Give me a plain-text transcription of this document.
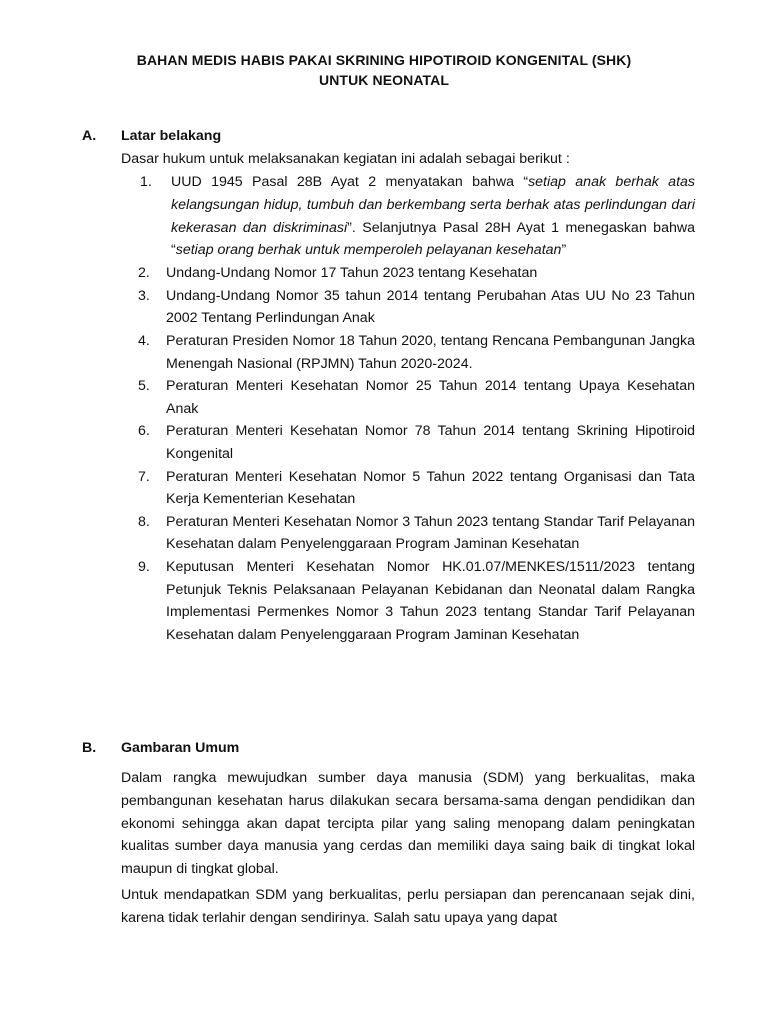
BAHAN MEDIS HABIS PAKAI SKRINING HIPOTIROID KONGENITAL (SHK)
UNTUK NEONATAL
A. Latar belakang
Dasar hukum untuk melaksanakan kegiatan ini adalah sebagai berikut :
1. UUD 1945 Pasal 28B Ayat 2 menyatakan bahwa “setiap anak berhak atas kelangsungan hidup, tumbuh dan berkembang serta berhak atas perlindungan dari kekerasan dan diskriminasi”. Selanjutnya Pasal 28H Ayat 1 menegaskan bahwa “setiap orang berhak untuk memperoleh pelayanan kesehatan”
2. Undang-Undang Nomor 17 Tahun 2023 tentang Kesehatan
3. Undang-Undang Nomor 35 tahun 2014 tentang Perubahan Atas UU No 23 Tahun 2002 Tentang Perlindungan Anak
4. Peraturan Presiden Nomor 18 Tahun 2020, tentang Rencana Pembangunan Jangka Menengah Nasional (RPJMN) Tahun 2020-2024.
5. Peraturan Menteri Kesehatan Nomor 25 Tahun 2014 tentang Upaya Kesehatan Anak
6. Peraturan Menteri Kesehatan Nomor 78 Tahun 2014 tentang Skrining Hipotiroid Kongenital
7. Peraturan Menteri Kesehatan Nomor 5 Tahun 2022 tentang Organisasi dan Tata Kerja Kementerian Kesehatan
8. Peraturan Menteri Kesehatan Nomor 3 Tahun 2023 tentang Standar Tarif Pelayanan Kesehatan dalam Penyelenggaraan Program Jaminan Kesehatan
9. Keputusan Menteri Kesehatan Nomor HK.01.07/MENKES/1511/2023 tentang Petunjuk Teknis Pelaksanaan Pelayanan Kebidanan dan Neonatal dalam Rangka Implementasi Permenkes Nomor 3 Tahun 2023 tentang Standar Tarif Pelayanan Kesehatan dalam Penyelenggaraan Program Jaminan Kesehatan
B. Gambaran Umum
Dalam rangka mewujudkan sumber daya manusia (SDM) yang berkualitas, maka pembangunan kesehatan harus dilakukan secara bersama-sama dengan pendidikan dan ekonomi sehingga akan dapat tercipta pilar yang saling menopang dalam peningkatan kualitas sumber daya manusia yang cerdas dan memiliki daya saing baik di tingkat lokal maupun di tingkat global.
Untuk mendapatkan SDM yang berkualitas, perlu persiapan dan perencanaan sejak dini, karena tidak terlahir dengan sendirinya. Salah satu upaya yang dapat
